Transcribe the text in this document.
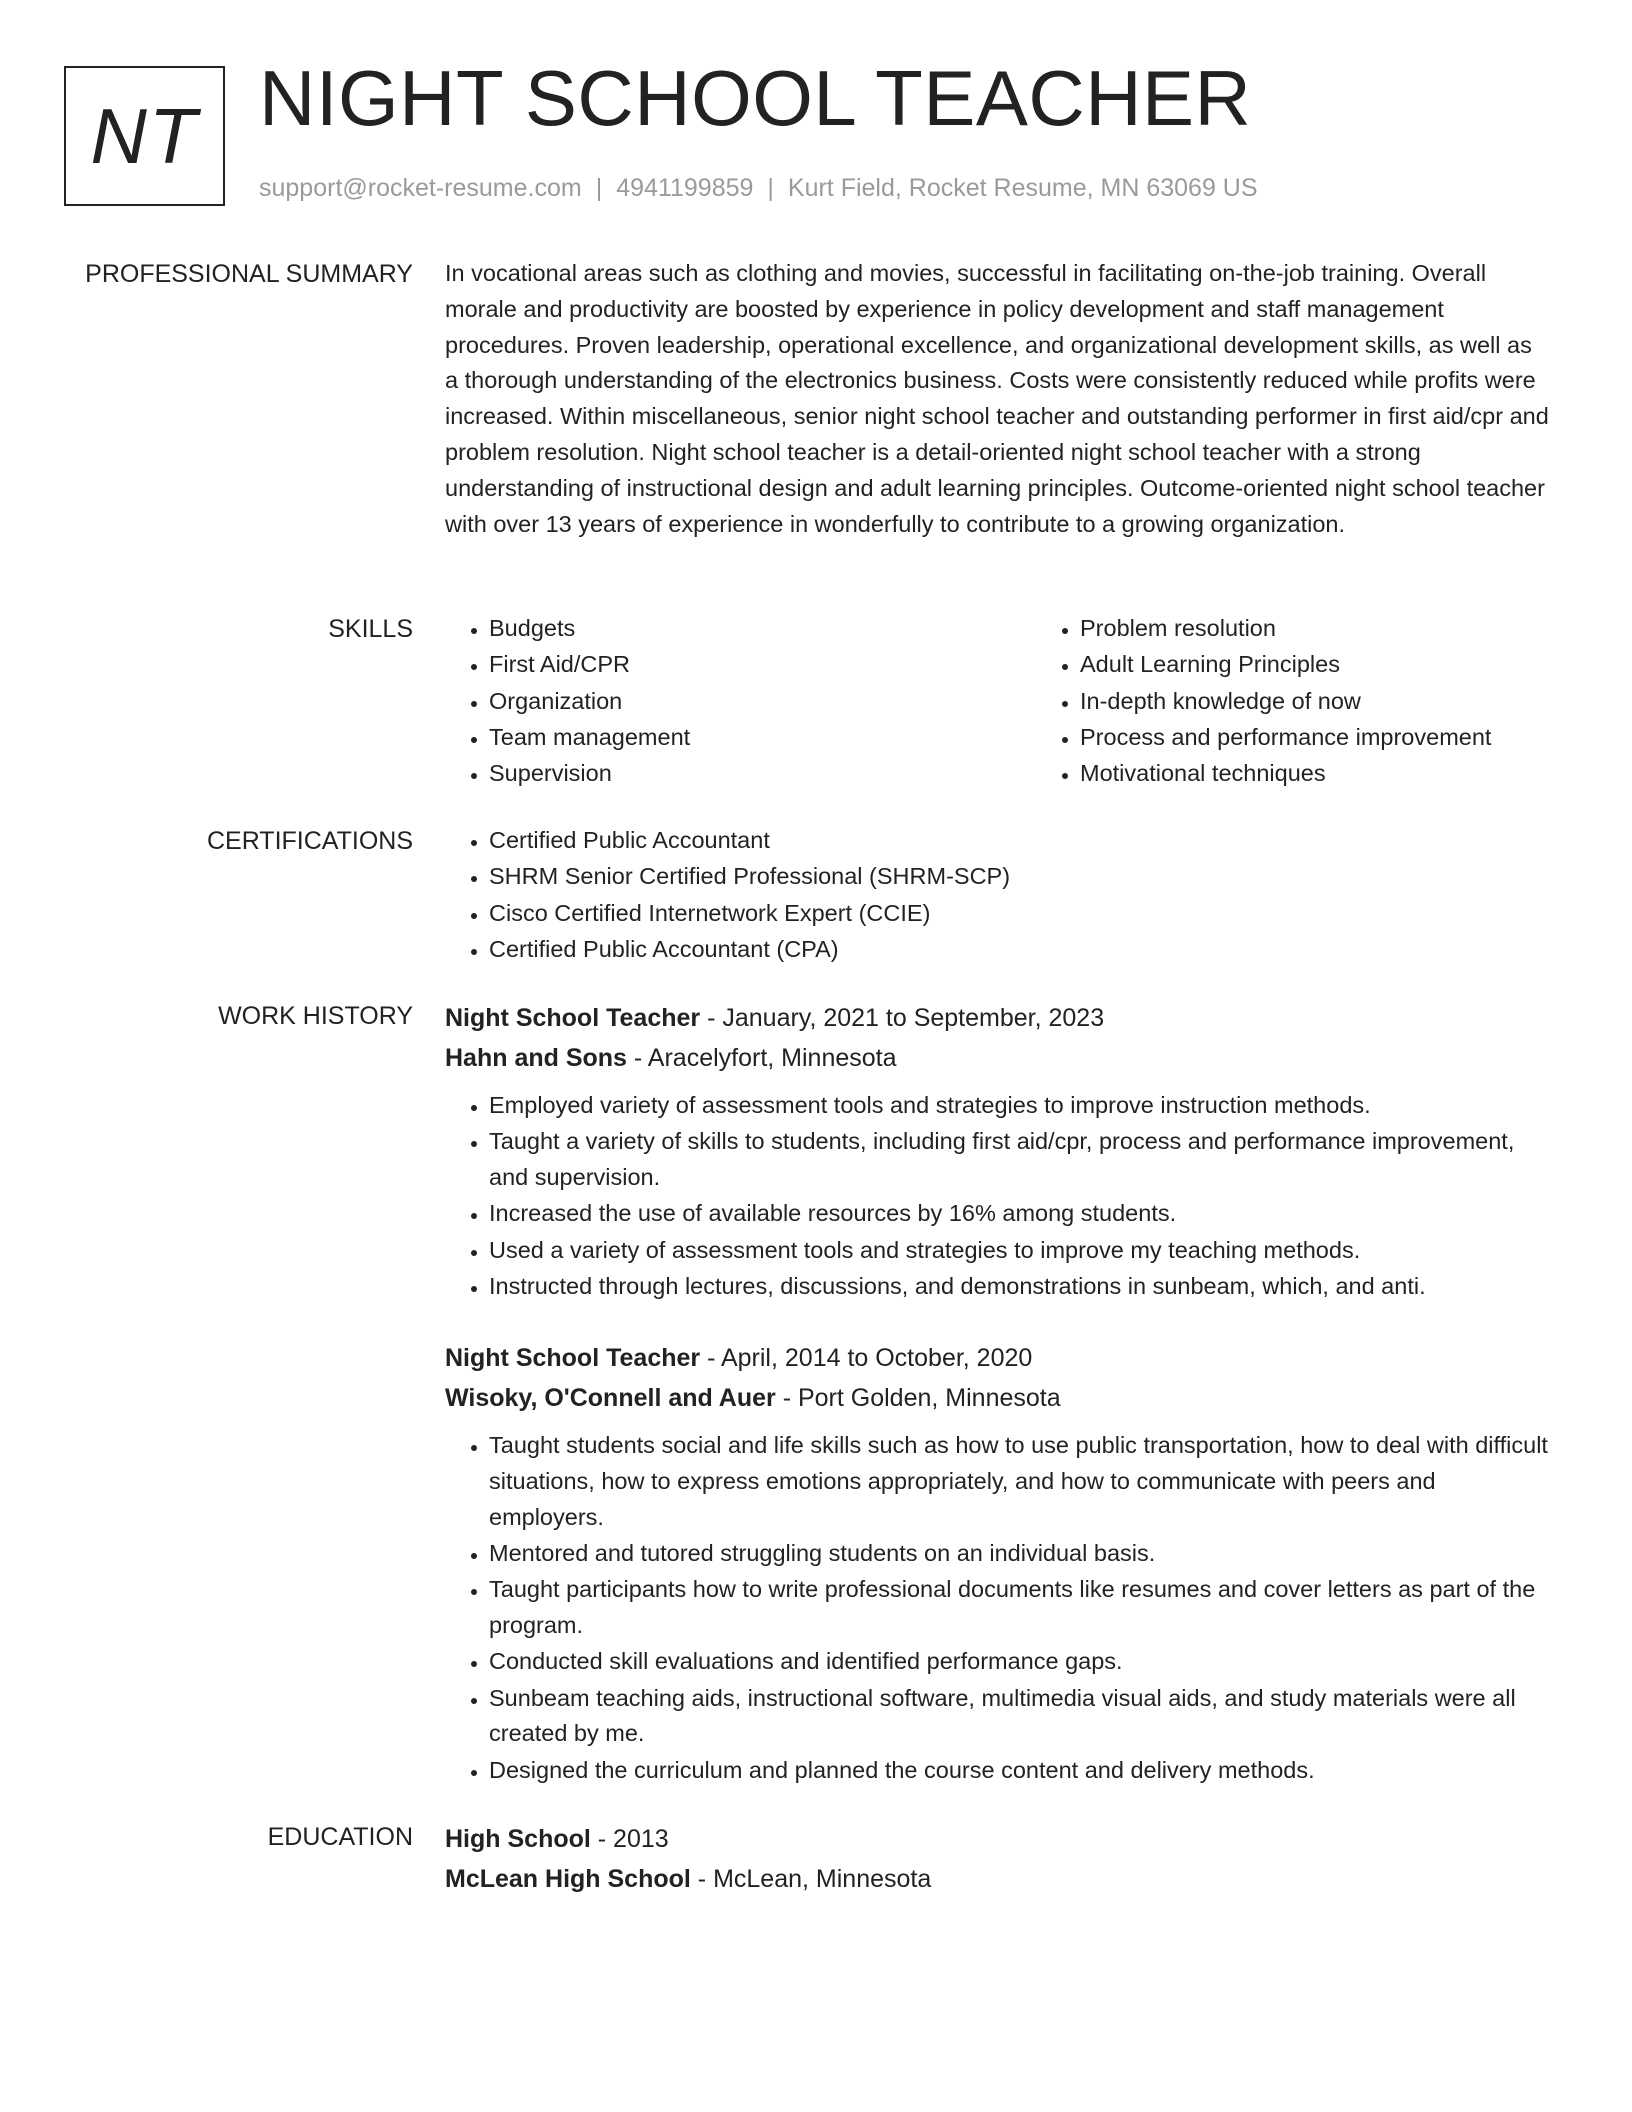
NT NIGHT SCHOOL TEACHER
support@rocket-resume.com | 4941199859 | Kurt Field, Rocket Resume, MN 63069 US
PROFESSIONAL SUMMARY In vocational areas such as clothing and movies, successful in facilitating on-the-job training. Overall morale and productivity are boosted by experience in policy development and staff management procedures. Proven leadership, operational excellence, and organizational development skills, as well as a thorough understanding of the electronics business. Costs were consistently reduced while profits were increased. Within miscellaneous, senior night school teacher and outstanding performer in first aid/cpr and problem resolution. Night school teacher is a detail-oriented night school teacher with a strong understanding of instructional design and adult learning principles. Outcome-oriented night school teacher with over 13 years of experience in wonderfully to contribute to a growing organization.

SKILLS	• Budgets
• First Aid/CPR
• Organization
• Team management
• Supervision
• Problem resolution
• Adult Learning Principles
• In-depth knowledge of now
• Process and performance improvement
• Motivational techniques
CERTIFICATIONS	• Certified Public Accountant
• SHRM Senior Certified Professional (SHRM-SCP)
• Cisco Certified Internetwork Expert (CCIE)
• Certified Public Accountant (CPA)
WORK HISTORY Night School Teacher - January, 2021 to September, 2023
Hahn and Sons - Aracelyfort, Minnesota
• Employed variety of assessment tools and strategies to improve instruction methods.
• Taught a variety of skills to students, including first aid/cpr, process and performance improvement, and supervision.
• Increased the use of available resources by 16% among students.
• Used a variety of assessment tools and strategies to improve my teaching methods.
• Instructed through lectures, discussions, and demonstrations in sunbeam, which, and anti.
Night School Teacher - April, 2014 to October, 2020
Wisoky, O'Connell and Auer - Port Golden, Minnesota
• Taught students social and life skills such as how to use public transportation, how to deal with difficult situations, how to express emotions appropriately, and how to communicate with peers and employers.
• Mentored and tutored struggling students on an individual basis.
• Taught participants how to write professional documents like resumes and cover letters as part of the program.
• Conducted skill evaluations and identified performance gaps.
• Sunbeam teaching aids, instructional software, multimedia visual aids, and study materials were all created by me.
• Designed the curriculum and planned the course content and delivery methods.
EDUCATION High School - 2013
McLean High School - McLean, Minnesota
